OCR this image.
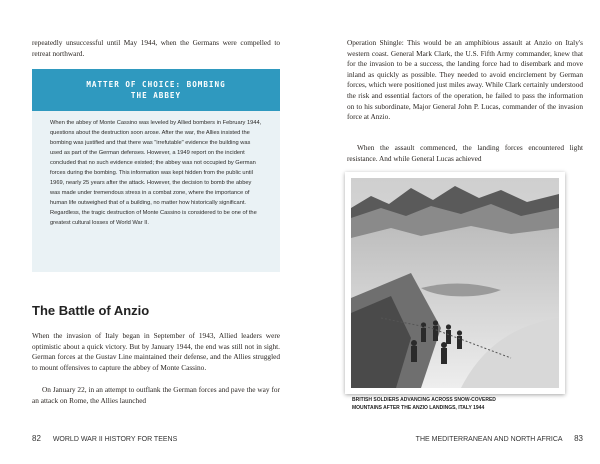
repeatedly unsuccessful until May 1944, when the Germans were compelled to retreat northward.

MATTER OF CHOICE: BOMBING
THE ABBEY

When the abbey of Monte Cassino was leveled by Allied bombers in February 1944, questions about the destruction soon arose. After the war, the Allies insisted the bombing was justified and that there was "irrefutable" evidence the building was used as part of the German defenses. However, a 1949 report on the incident concluded that no such evidence existed; the abbey was not occupied by German forces during the bombing. This information was kept hidden from the public until 1969, nearly 25 years after the attack. However, the decision to bomb the abbey was made under tremendous stress in a combat zone, where the importance of human life outweighed that of a building, no matter how historically significant. Regardless, the tragic destruction of Monte Cassino is considered to be one of the greatest cultural losses of World War II.

The Battle of Anzio

When the invasion of Italy began in September of 1943, Allied leaders were optimistic about a quick victory. But by January 1944, the end was still not in sight. German forces at the Gustav Line maintained their defense, and the Allies struggled to mount offensives to capture the abbey of Monte Cassino.

On January 22, in an attempt to outflank the German forces and pave the way for an attack on Rome, the Allies launched

82 WORLD WAR II HISTORY FOR TEENS

Operation Shingle: This would be an amphibious assault at Anzio on Italy's western coast. General Mark Clark, the U.S. Fifth Army commander, knew that for the invasion to be a success, the landing force had to disembark and move inland as quickly as possible. They needed to avoid encirclement by German forces, which were positioned just miles away. While Clark certainly understood the risk and essential factors of the operation, he failed to pass the information on to his subordinate, Major General John P. Lucas, commander of the invasion force at Anzio.

When the assault commenced, the landing forces encountered light resistance. And while General Lucas achieved

BRITISH SOLDIERS ADVANCING ACROSS SNOW-COVERED
MOUNTAINS AFTER THE ANZIO LANDINGS, ITALY 1944

THE MEDITERRANEAN AND NORTH AFRICA 83
